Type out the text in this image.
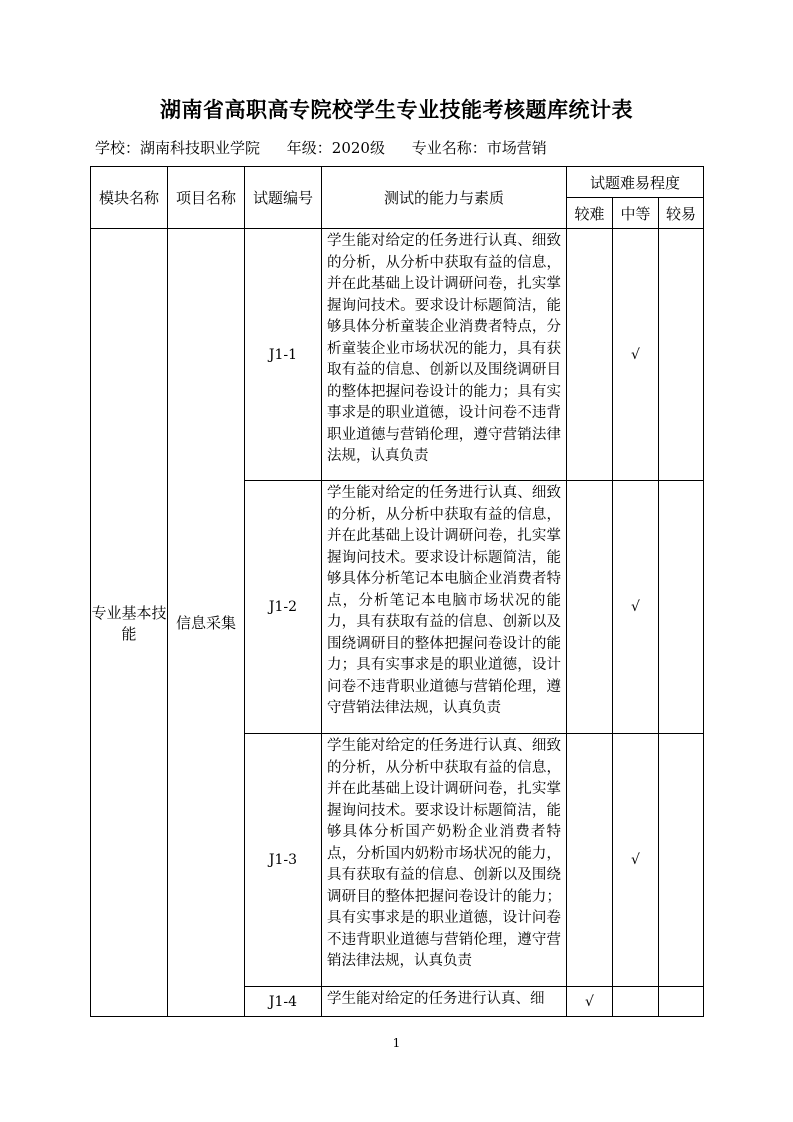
湖南省高职高专院校学生专业技能考核题库统计表
学校：湖南科技职业学院 年级：2020级 专业名称：市场营销
模块名称	项目名称	试题编号	测试的能力与素质	试题难易程度		
				较难	中等	较易
专业基本技能	信息采集	J1-1	学生能对给定的任务进行认真、细致的分析，从分析中获取有益的信息，并在此基础上设计调研问卷，扎实掌握询问技术。要求设计标题简洁，能够具体分析童装企业消费者特点，分析童装企业市场状况的能力，具有获取有益的信息、创新以及围绕调研目的整体把握问卷设计的能力；具有实事求是的职业道德，设计问卷不违背职业道德与营销伦理，遵守营销法律法规，认真负责		√	
		J1-2	学生能对给定的任务进行认真、细致的分析，从分析中获取有益的信息，并在此基础上设计调研问卷，扎实掌握询问技术。要求设计标题简洁，能够具体分析笔记本电脑企业消费者特点，分析笔记本电脑市场状况的能力，具有获取有益的信息、创新以及围绕调研目的整体把握问卷设计的能力；具有实事求是的职业道德，设计问卷不违背职业道德与营销伦理，遵守营销法律法规，认真负责		√	
		J1-3	学生能对给定的任务进行认真、细致的分析，从分析中获取有益的信息，并在此基础上设计调研问卷，扎实掌握询问技术。要求设计标题简洁，能够具体分析国产奶粉企业消费者特点，分析国内奶粉市场状况的能力，具有获取有益的信息、创新以及围绕调研目的整体把握问卷设计的能力；具有实事求是的职业道德，设计问卷不违背职业道德与营销伦理，遵守营销法律法规，认真负责		√	
		J1-4	学生能对给定的任务进行认真、细	√		
1
